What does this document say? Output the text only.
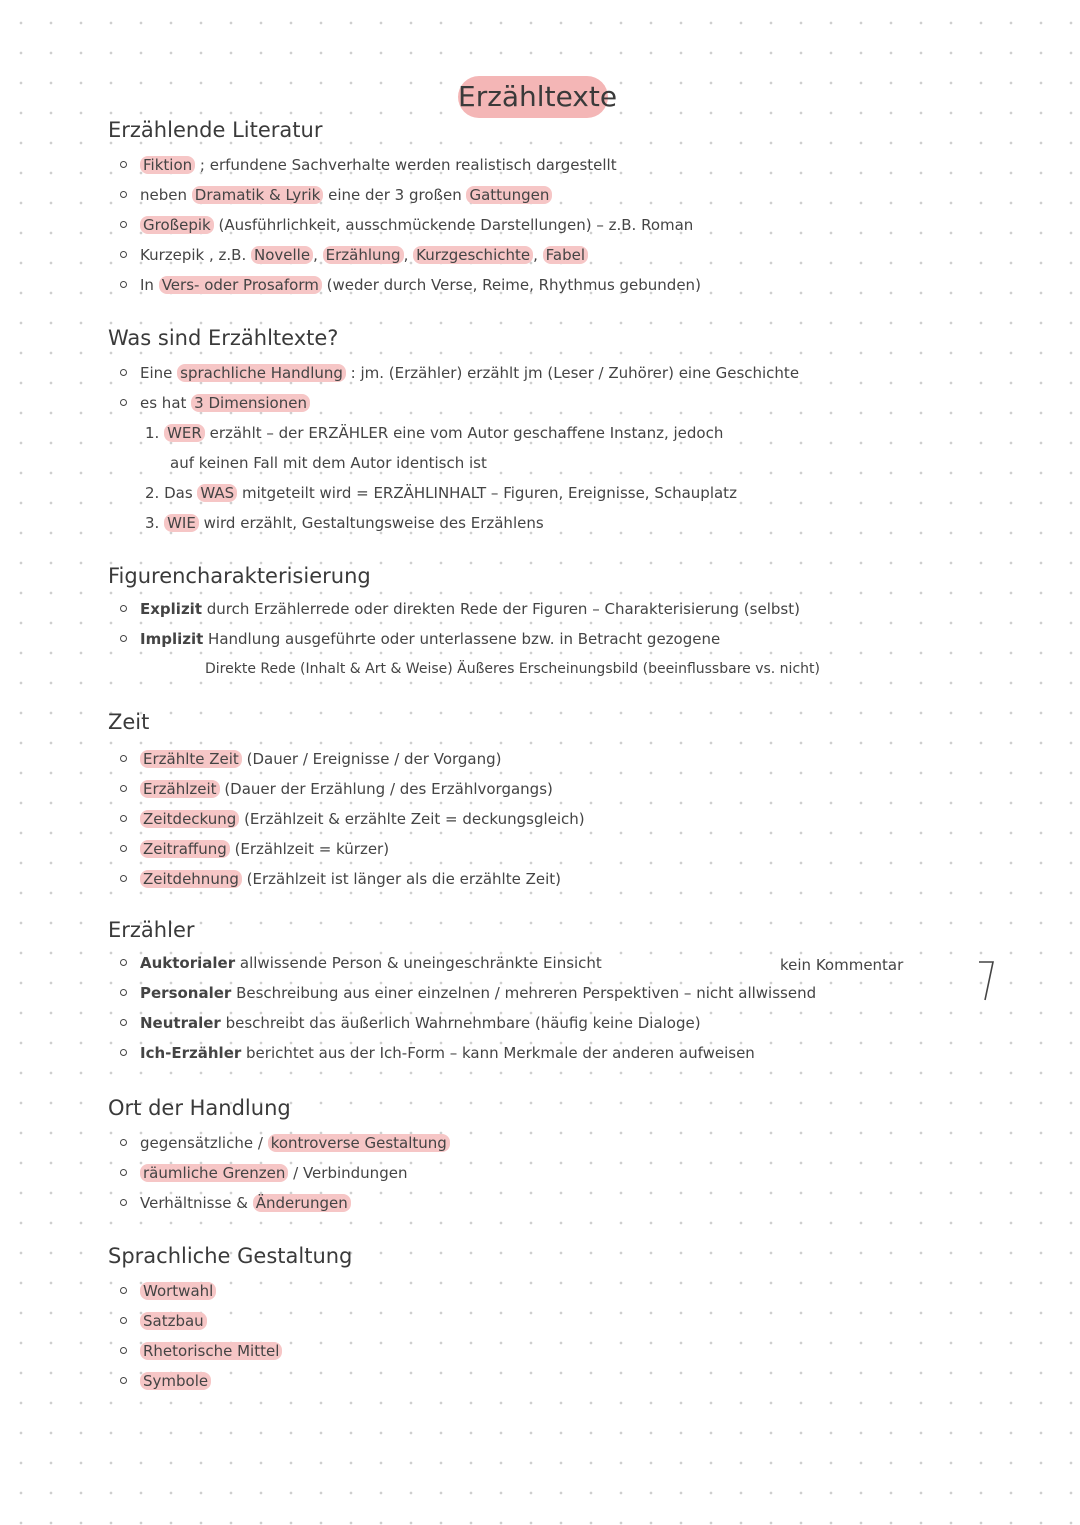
Erzähltexte
Erzählende Literatur
Fiktion ; erfundene Sachverhalte werden realistisch dargestellt
neben Dramatik & Lyrik eine der 3 großen Gattungen
Großepik (Ausführlichkeit, ausschmückende Darstellungen) – z.B. Roman
Kurzepik , z.B. Novelle , Erzählung , Kurzgeschichte , Fabel
In Vers- oder Prosaform (weder durch Verse, Reime, Rhythmus gebunden)
Was sind Erzähltexte?
Eine sprachliche Handlung : jm. (Erzähler) erzählt jm (Leser / Zuhörer) eine Geschichte
es hat 3 Dimensionen
1. WER erzählt – der ERZÄHLER eine vom Autor geschaffene Instanz, jedoch
auf keinen Fall mit dem Autor identisch ist
2. Das WAS mitgeteilt wird = ERZÄHLINHALT – Figuren, Ereignisse, Schauplatz
3. WIE wird erzählt, Gestaltungsweise des Erzählens
Figurencharakterisierung
Explizit durch Erzählerrede oder direkten Rede der Figuren – Charakterisierung (selbst)
Implizit Handlung ausgeführte oder unterlassene bzw. in Betracht gezogene
Direkte Rede (Inhalt & Art & Weise) Äußeres Erscheinungsbild (beeinflussbare vs. nicht)
Zeit
Erzählte Zeit (Dauer / Ereignisse / der Vorgang)
Erzählzeit (Dauer der Erzählung / des Erzählvorgangs)
Zeitdeckung (Erzählzeit & erzählte Zeit = deckungsgleich)
Zeitraffung (Erzählzeit = kürzer)
Zeitdehnung (Erzählzeit ist länger als die erzählte Zeit)
Erzähler
Auktorialer allwissende Person & uneingeschränkte Einsicht
Personaler Beschreibung aus einer einzelnen / mehreren Perspektiven – nicht allwissend
Neutraler beschreibt das äußerlich Wahrnehmbare (häufig keine Dialoge)
Ich-Erzähler berichtet aus der Ich-Form – kann Merkmale der anderen aufweisen
kein Kommentar
Ort der Handlung
gegensätzliche / kontroverse Gestaltung
räumliche Grenzen / Verbindungen
Verhältnisse & Änderungen
Sprachliche Gestaltung
Wortwahl
Satzbau
Rhetorische Mittel
Symbole
